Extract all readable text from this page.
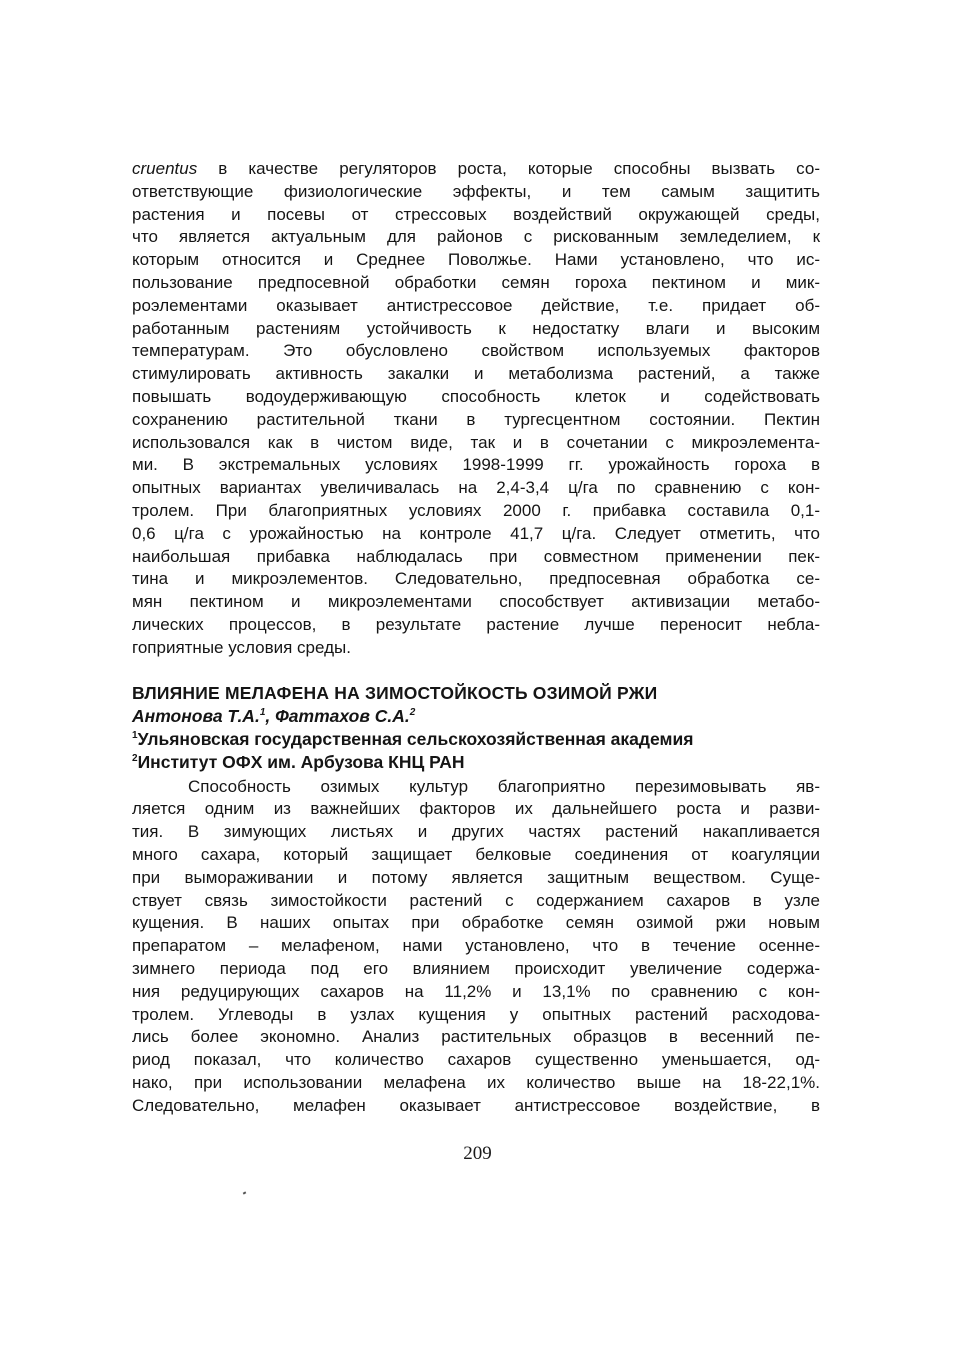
cruentus в качестве регуляторов роста, которые способны вызвать со-
ответствующие физиологические эффекты, и тем самым защитить
растения и посевы от стрессовых воздействий окружающей среды,
что является актуальным для районов с рискованным земледелием, к
которым относится и Среднее Поволжье. Нами установлено, что ис-
пользование предпосевной обработки семян гороха пектином и мик-
роэлементами оказывает антистрессовое действие, т.е. придает об-
работанным растениям устойчивость к недостатку влаги и высоким
температурам. Это обусловлено свойством используемых факторов
стимулировать активность закалки и метаболизма растений, а также
повышать водоудерживающую способность клеток и содействовать
сохранению растительной ткани в тургесцентном состоянии. Пектин
использовался как в чистом виде, так и в сочетании с микроэлемента-
ми. В экстремальных условиях 1998-1999 гг. урожайность гороха в
опытных вариантах увеличивалась на 2,4-3,4 ц/га по сравнению с кон-
тролем. При благоприятных условиях 2000 г. прибавка составила 0,1-
0,6 ц/га с урожайностью на контроле 41,7 ц/га. Следует отметить, что
наибольшая прибавка наблюдалась при совместном применении пек-
тина и микроэлементов. Следовательно, предпосевная обработка се-
мян пектином и микроэлементами способствует активизации метабо-
лических процессов, в результате растение лучше переносит небла-
гоприятные условия среды.

ВЛИЯНИЕ МЕЛАФЕНА НА ЗИМОСТОЙКОСТЬ ОЗИМОЙ РЖИ

Антонова Т.А.$^1$, Фаттахов С.А.$^2$

$^1$Ульяновская государственная сельскохозяйственная академия

$^2$Институт ОФХ им. Арбузова КНЦ РАН

Способность озимых культур благоприятно перезимовывать яв-
ляется одним из важнейших факторов их дальнейшего роста и разви-
тия. В зимующих листьях и других частях растений накапливается
много сахара, который защищает белковые соединения от коагуляции
при вымораживании и потому является защитным веществом. Суще-
ствует связь зимостойкости растений с содержанием сахаров в узле
кущения. В наших опытах при обработке семян озимой ржи новым
препаратом – мелафеном, нами установлено, что в течение осенне-
зимнего периода под его влиянием происходит увеличение содержа-
ния редуцирующих сахаров на 11,2% и 13,1% по сравнению с кон-
тролем. Углеводы в узлах кущения у опытных растений расходова-
лись более экономно. Анализ растительных образцов в весенний пе-
риод показал, что количество сахаров существенно уменьшается, од-
нако, при использовании мелафена их количество выше на 18-22,1%.
Следовательно, мелафен оказывает антистрессовое воздействие, в

209
